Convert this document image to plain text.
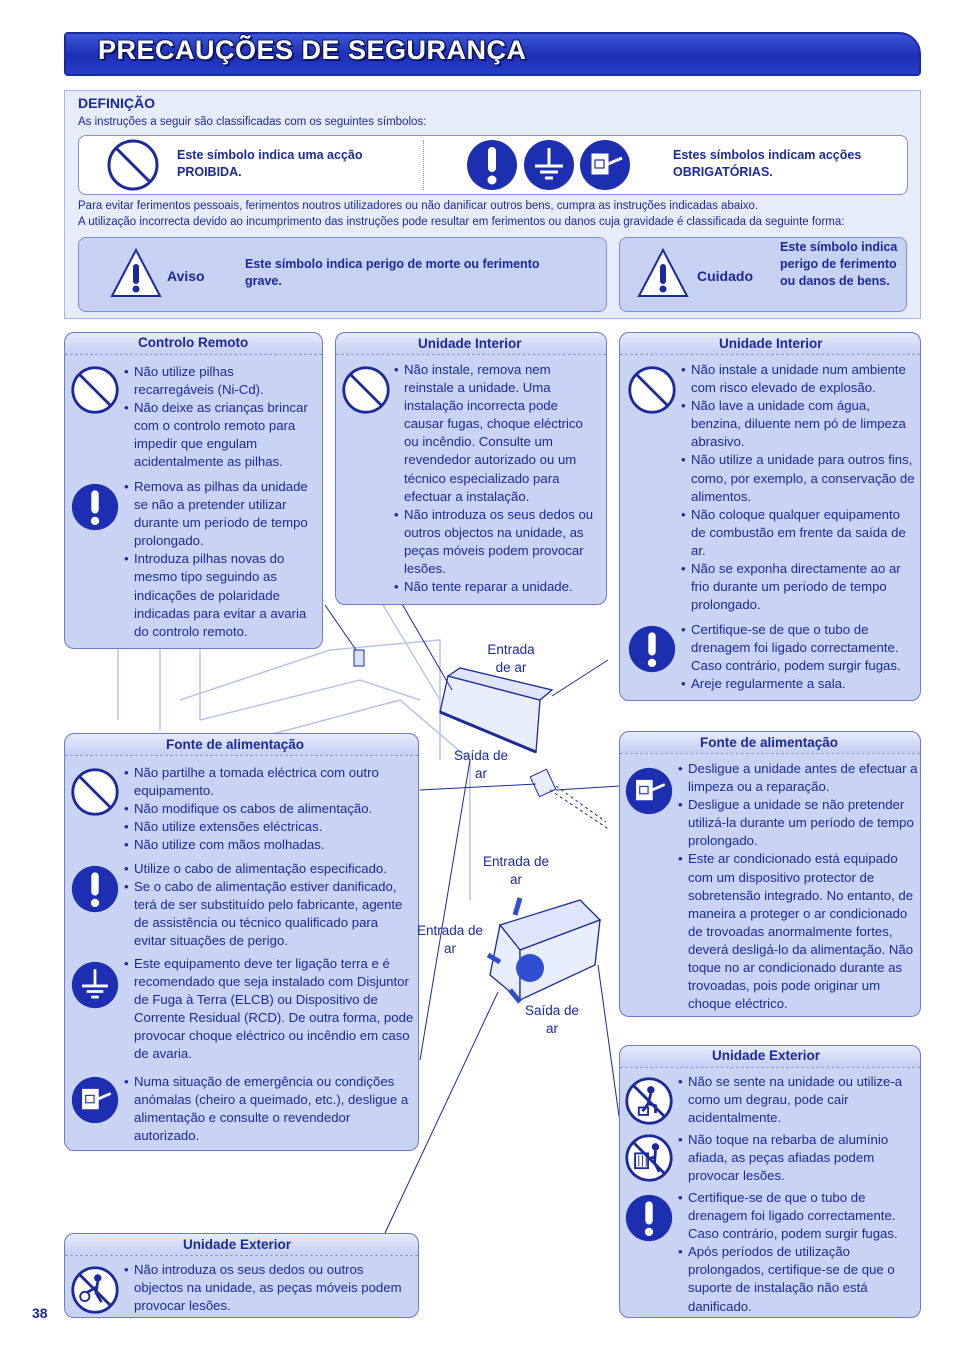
PRECAUÇÕES DE SEGURANÇA
DEFINIÇÃO
As instruções a seguir são classificadas com os seguintes símbolos:
Este símbolo indica uma acção PROIBIDA.
Estes símbolos indicam acções OBRIGATÓRIAS.
Para evitar ferimentos pessoais, ferimentos noutros utilizadores ou não danificar outros bens, cumpra as instruções indicadas abaixo.
A utilização incorrecta devido ao incumprimento das instruções pode resultar em ferimentos ou danos cuja gravidade é classificada da seguinte forma:
Aviso
Este símbolo indica perigo de morte ou ferimento grave.	Cuidado
Este símbolo indica perigo de ferimento ou danos de bens.
Controlo Remoto
• Não utilize pilhas recarregáveis (Ni-Cd).
• Não deixe as crianças brincar com o controlo remoto para impedir que engulam acidentalmente as pilhas.
• Remova as pilhas da unidade se não a pretender utilizar durante um período de tempo prolongado.
• Introduza pilhas novas do mesmo tipo seguindo as indicações de polaridade indicadas para evitar a avaria do controlo remoto.
Unidade Interior
• Não instale, remova nem reinstale a unidade. Uma instalação incorrecta pode causar fugas, choque eléctrico ou incêndio. Consulte um revendedor autorizado ou um técnico especializado para efectuar a instalação.
• Não introduza os seus dedos ou outros objectos na unidade, as peças móveis podem provocar lesões.
• Não tente reparar a unidade.
Unidade Interior
• Não instale a unidade num ambiente com risco elevado de explosão.
• Não lave a unidade com água, benzina, diluente nem pó de limpeza abrasivo.
• Não utilize a unidade para outros fins, como, por exemplo, a conservação de alimentos.
• Não coloque qualquer equipamento de combustão em frente da saída de ar.
• Não se exponha directamente ao ar frio durante um período de tempo prolongado.
• Certifique-se de que o tubo de drenagem foi ligado correctamente. Caso contrário, podem surgir fugas.
• Areje regularmente a sala.
Fonte de alimentação
• Não partilhe a tomada eléctrica com outro equipamento.
• Não modifique os cabos de alimentação.
• Não utilize extensões eléctricas.
• Não utilize com mãos molhadas.
• Utilize o cabo de alimentação especificado.
• Se o cabo de alimentação estiver danificado, terá de ser substituído pelo fabricante, agente de assistência ou técnico qualificado para evitar situações de perigo.
• Este equipamento deve ter ligação terra e é recomendado que seja instalado com Disjuntor de Fuga à Terra (ELCB) ou Dispositivo de Corrente Residual (RCD). De outra forma, pode provocar choque eléctrico ou incêndio em caso de avaria.
• Numa situação de emergência ou condições anómalas (cheiro a queimado, etc.), desligue a alimentação e consulte o revendedor autorizado.
Fonte de alimentação
• Desligue a unidade antes de efectuar a limpeza ou a reparação.
• Desligue a unidade se não pretender utilizá-la durante um período de tempo prolongado.
• Este ar condicionado está equipado com um dispositivo protector de sobretensão integrado. No entanto, de maneira a proteger o ar condicionado de trovoadas anormalmente fortes, deverá desligá-lo da alimentação. Não toque no ar condicionado durante as trovoadas, pois pode originar um choque eléctrico.
Unidade Exterior
• Não se sente na unidade ou utilize-a como um degrau, pode cair acidentalmente.
• Não toque na rebarba de alumínio afiada, as peças afiadas podem provocar lesões.
• Certifique-se de que o tubo de drenagem foi ligado correctamente. Caso contrário, podem surgir fugas.
• Após períodos de utilização prolongados, certifique-se de que o suporte de instalação não está danificado.
Unidade Exterior
• Não introduza os seus dedos ou outros objectos na unidade, as peças móveis podem provocar lesões.
Entrada de ar
Saída de ar
Entrada de ar
Entrada de ar
Saída de ar
38
